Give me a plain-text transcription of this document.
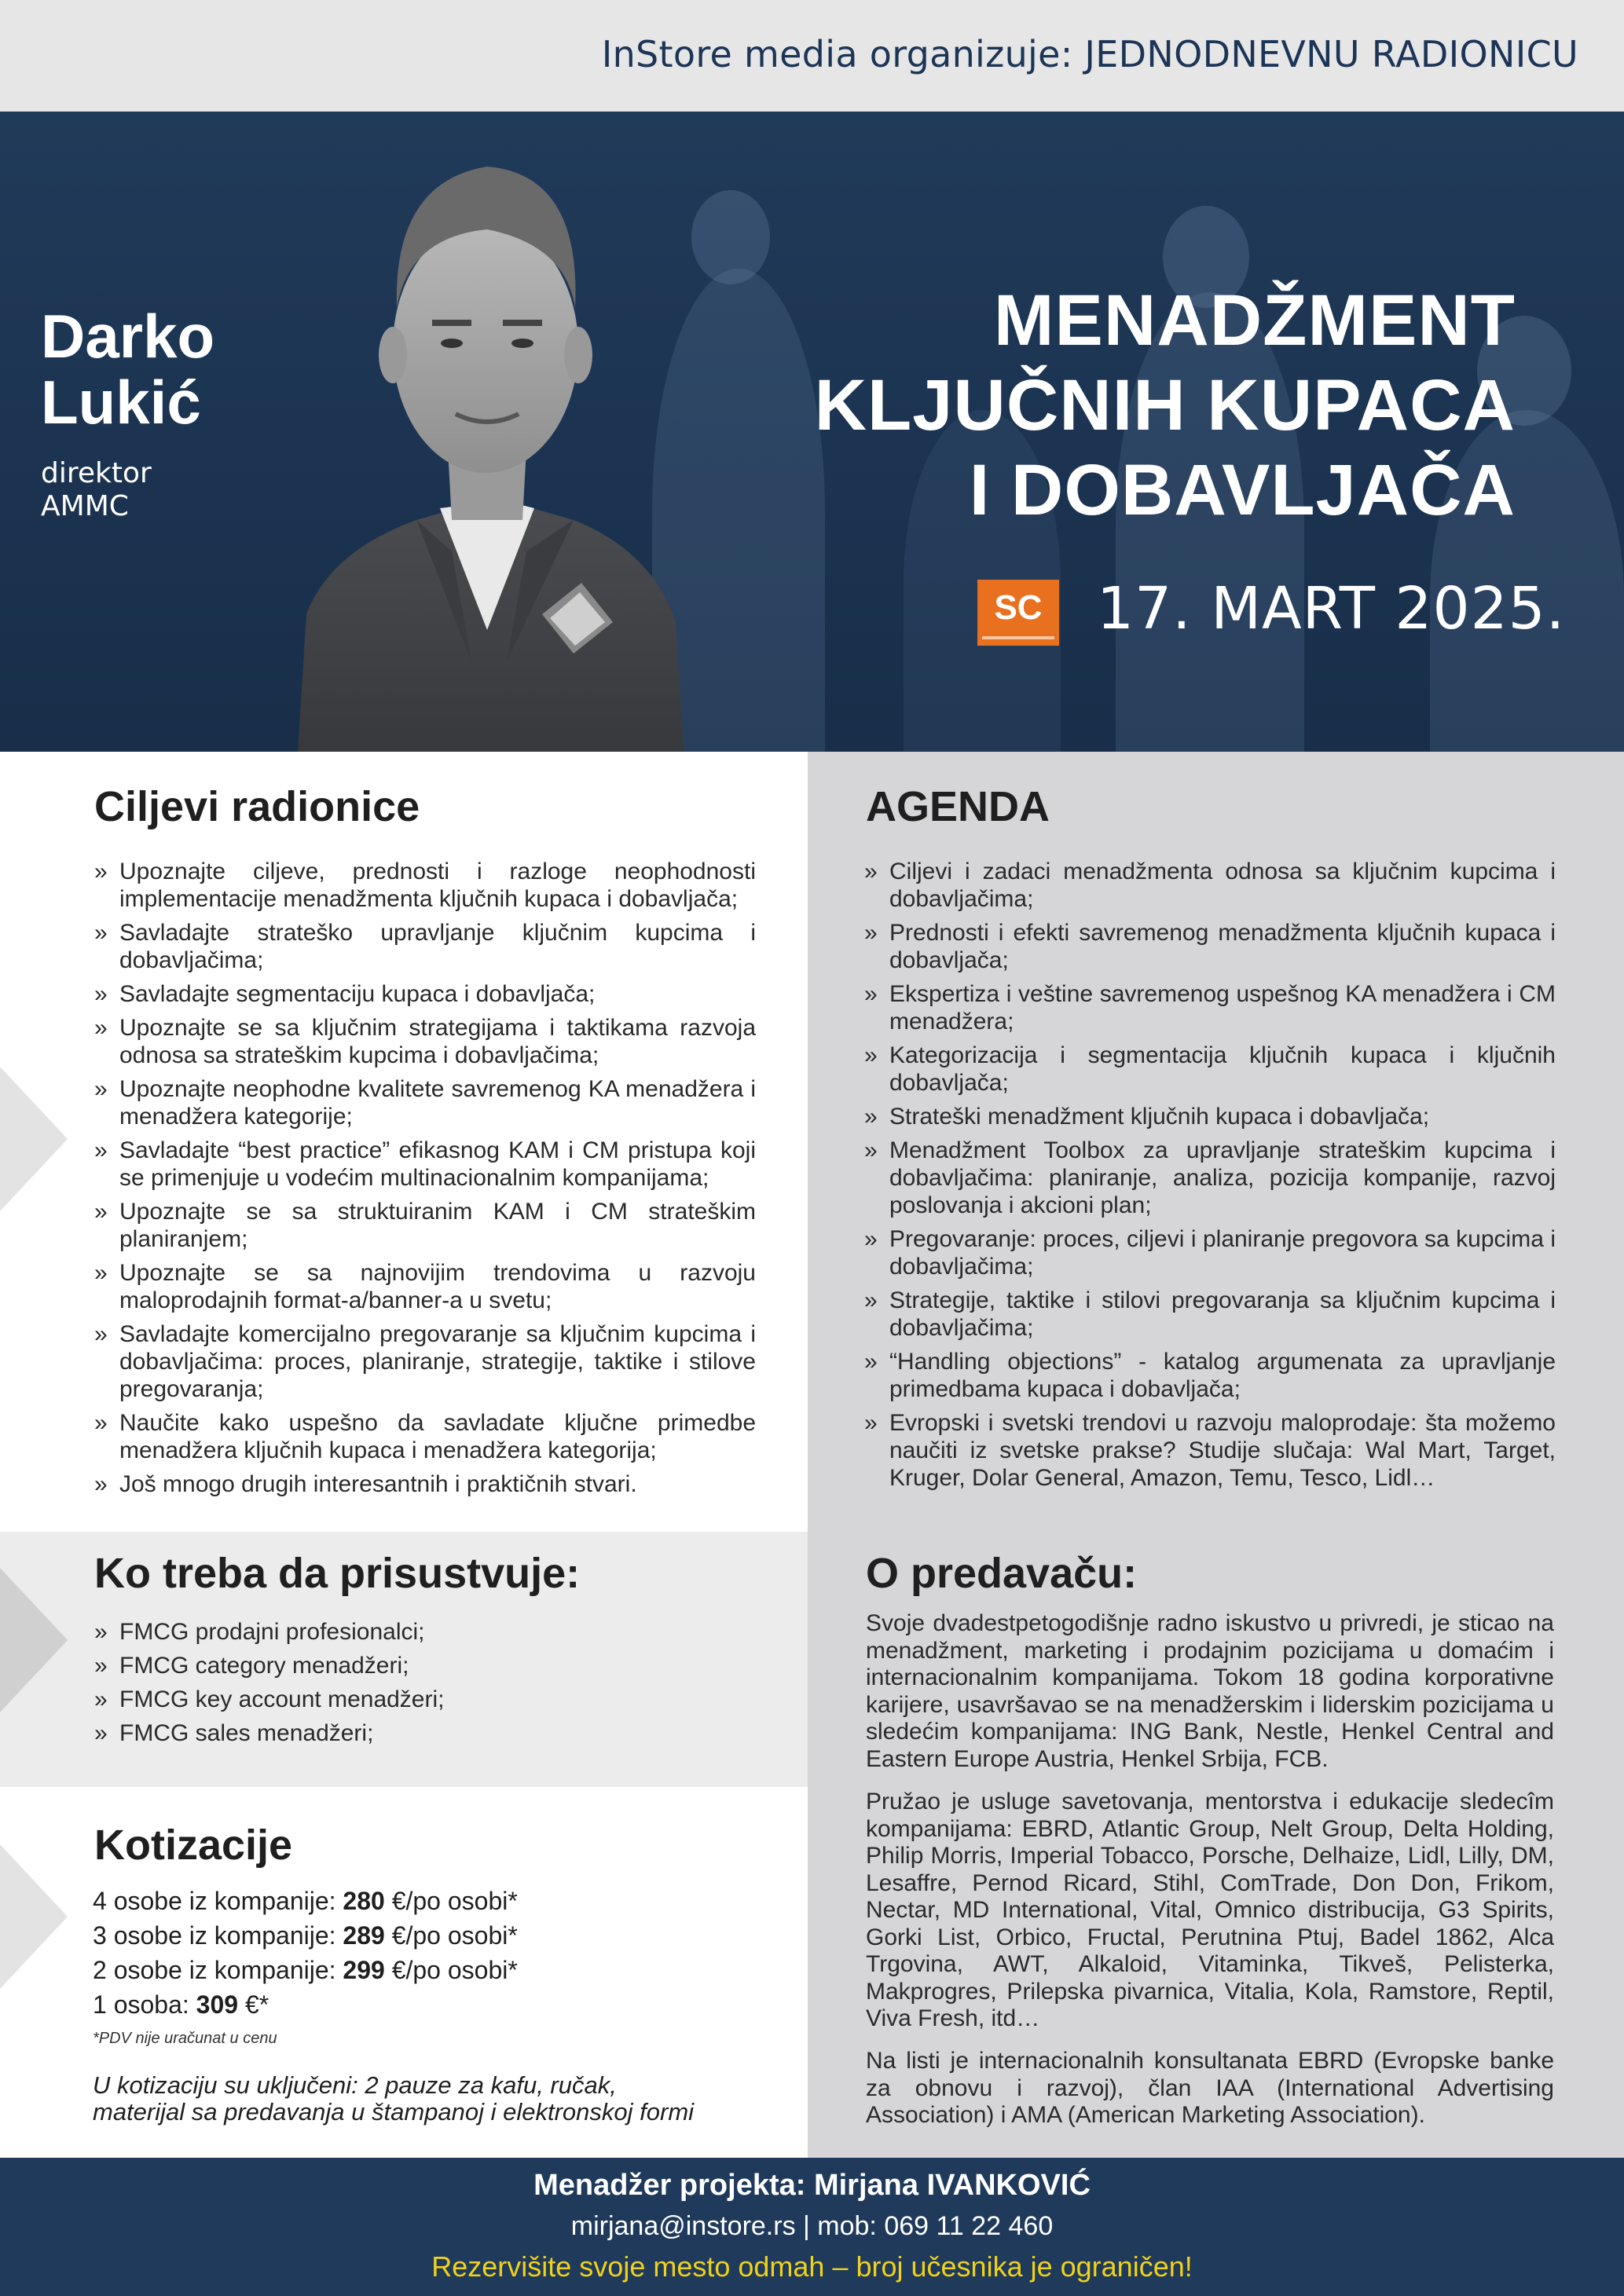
InStore media organizuje: JEDNODNEVNU RADIONICU
Darko
Lukić
direktor
AMMC
MENADŽMENT
KLJUČNIH KUPACA
I DOBAVLJAČA
SC 17. MART 2025.
Ciljevi radionice
» Upoznajte ciljeve, prednosti i razloge neophodnosti implementacije menadžmenta ključnih kupaca i dobavljača;
» Savladajte strateško upravljanje ključnim kupcima i dobavljačima;
» Savladajte segmentaciju kupaca i dobavljača;
» Upoznajte se sa ključnim strategijama i taktikama razvoja odnosa sa strateškim kupcima i dobavljačima;
» Upoznajte neophodne kvalitete savremenog KA menadžera i menadžera kategorije;
» Savladajte “best practice” efikasnog KAM i CM pristupa koji se primenjuje u vodećim multinacionalnim kompanijama;
» Upoznajte se sa struktuiranim KAM i CM strateškim planiranjem;
» Upoznajte se sa najnovijim trendovima u razvoju maloprodajnih format-a/banner-a u svetu;
» Savladajte komercijalno pregovaranje sa ključnim kupcima i dobavljačima: proces, planiranje, strategije, taktike i stilove pregovaranja;
» Naučite kako uspešno da savladate ključne primedbe menadžera ključnih kupaca i menadžera kategorija;
» Još mnogo drugih interesantnih i praktičnih stvari.
AGENDA
» Ciljevi i zadaci menadžmenta odnosa sa ključnim kupcima i dobavljačima;
» Prednosti i efekti savremenog menadžmenta ključnih kupaca i dobavljača;
» Ekspertiza i veštine savremenog uspešnog KA menadžera i CM menadžera;
» Kategorizacija i segmentacija ključnih kupaca i ključnih dobavljača;
» Strateški menadžment ključnih kupaca i dobavljača;
» Menadžment Toolbox za upravljanje strateškim kupcima i dobavljačima: planiranje, analiza, pozicija kompanije, razvoj poslovanja i akcioni plan;
» Pregovaranje: proces, ciljevi i planiranje pregovora sa kupcima i dobavljačima;
» Strategije, taktike i stilovi pregovaranja sa ključnim kupcima i dobavljačima;
» “Handling objections” - katalog argumenata za upravljanje primedbama kupaca i dobavljača;
» Evropski i svetski trendovi u razvoju maloprodaje: šta možemo naučiti iz svetske prakse? Studije slučaja: Wal Mart, Target, Kruger, Dolar General, Amazon, Temu, Tesco, Lidl…
Ko treba da prisustvuje:
» FMCG prodajni profesionalci;
» FMCG category menadžeri;
» FMCG key account menadžeri;
» FMCG sales menadžeri;
Kotizacije
4 osobe iz kompanije: 280 €/po osobi*
3 osobe iz kompanije: 289 €/po osobi*
2 osobe iz kompanije: 299 €/po osobi*
1 osoba: 309 €*
*PDV nije uračunat u cenu
U kotizaciju su uključeni: 2 pauze za kafu, ručak,
materijal sa predavanja u štampanoj i elektronskoj formi
O predavaču:

Svoje dvadestpetogodišnje radno iskustvo u privredi, je sticao na menadžment, marketing i prodajnim pozicijama u domaćim i internacionalnim kompanijama. Tokom 18 godina korporativne karijere, usavršavao se na menadžerskim i liderskim pozicijama u sledećim kompanijama: ING Bank, Nestle, Henkel Central and Eastern Europe Austria, Henkel Srbija, FCB.

Pružao je usluge savetovanja, mentorstva i edukacije sledecîm kompanijama: EBRD, Atlantic Group, Nelt Group, Delta Holding, Philip Morris, Imperial Tobacco, Porsche, Delhaize, Lidl, Lilly, DM, Lesaffre, Pernod Ricard, Stihl, ComTrade, Don Don, Frikom, Nectar, MD International, Vital, Omnico distribucija, G3 Spirits, Gorki List, Orbico, Fructal, Perutnina Ptuj, Badel 1862, Alca Trgovina, AWT, Alkaloid, Vitaminka, Tikveš, Pelisterka, Makprogres, Prilepska pivarnica, Vitalia, Kola, Ramstore, Reptil, Viva Fresh, itd…

Na listi je internacionalnih konsultanata EBRD (Evropske banke za obnovu i razvoj), član IAA (International Advertising Association) i AMA (American Marketing Association).

Menadžer projekta: Mirjana IVANKOVIĆ
mirjana@instore.rs | mob: 069 11 22 460
Rezervišite svoje mesto odmah – broj učesnika je ograničen!
